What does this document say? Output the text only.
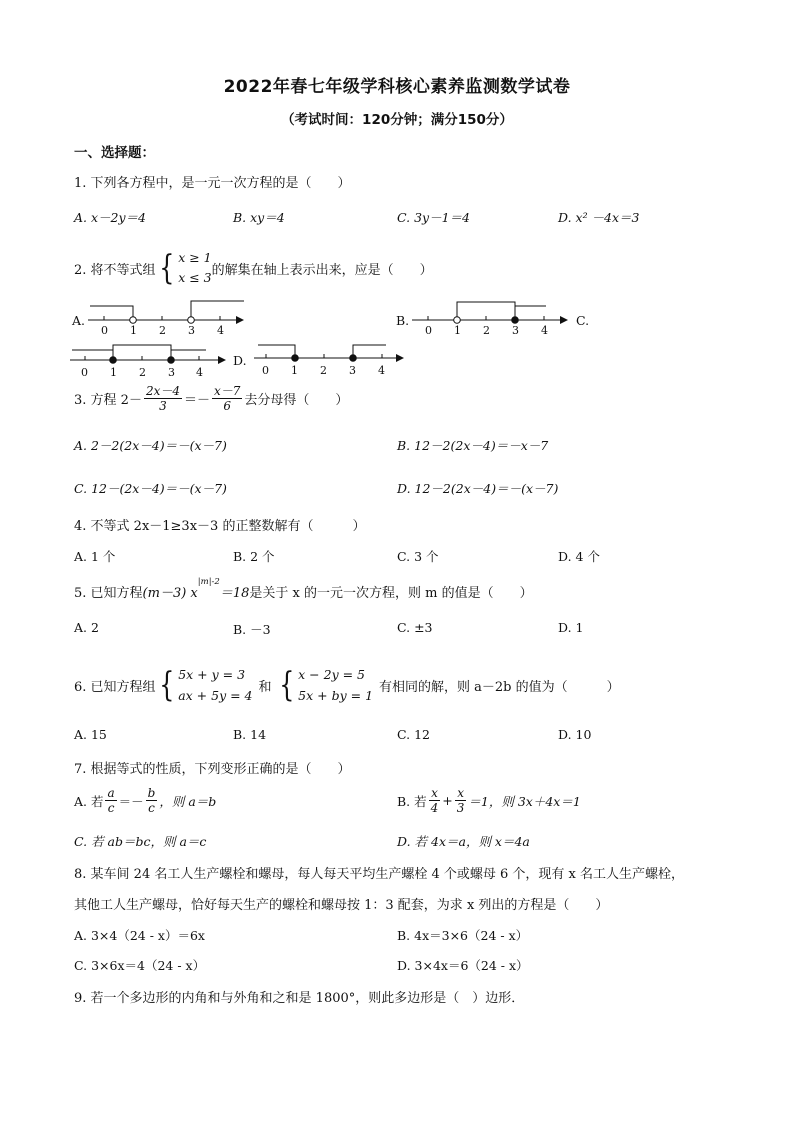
2022年春七年级学科核心素养监测数学试卷
（考试时间：120分钟；满分150分）
一、选择题：
1. 下列各方程中，是一元一次方程的是（　　）
A. x－2y＝4	B. xy＝4	C. 3y－1＝4	D. x² －4x＝3
2. 将不等式组 { x ≥ 1
x ≤ 3 的解集在轴上表示出来，应是（　　）
A.
0 1 2 3 4
B.
0 1 2 3 4
C.
0 1 2 3 4
D.
0 1 2 3 4
3. 方程 $2- \frac{2x-4}{3} =- \frac{x-7}{6}$ 去分母得（　　）
A. 2－2(2x－4)＝－(x－7)	B. 12－2(2x－4)＝－x－7
C. 12－(2x－4)＝－(x－7)	D. 12－2(2x－4)＝－(x－7)
4. 不等式 2x－1≥3x－3 的正整数解有（　　　）
A. 1 个	B. 2 个	C. 3 个	D. 4 个
5. 已知方程 (m－3) x
|m|-2
＝18 是关于 x 的一元一次方程，则 m 的值是（　　）
A. 2	B. －3	C. ±3	D. 1
6. 已知方程组 { 5x + y = 3
ax + 5y = 4
和 { x − 2y = 5
5x + by = 1
有相同的解，则 a－2b 的值为（　　　）
A. 15	B. 14	C. 12	D. 10
7. 根据等式的性质，下列变形正确的是（　　）
A. 若 $\frac{a}{c} =- \frac{b}{c}$ ，则 a＝b	B. 若 $\frac{x}{4} + \frac{x}{3} =1$，则 3x＋4x＝1
C. 若 ab＝bc，则 a＝c	D. 若 4x＝a，则 x＝4a
8. 某车间 24 名工人生产螺栓和螺母，每人每天平均生产螺栓 4 个或螺母 6 个，现有 x 名工人生产螺栓，
其他工人生产螺母，恰好每天生产的螺栓和螺母按 1：3 配套，为求 x 列出的方程是（　　）
A. 3×4（24 - x）＝6x	B. 4x＝3×6（24 - x）
C. 3×6x＝4（24 - x）	D. 3×4x＝6（24 - x）
9. 若一个多边形的内角和与外角和之和是 1800°，则此多边形是（　）边形．
